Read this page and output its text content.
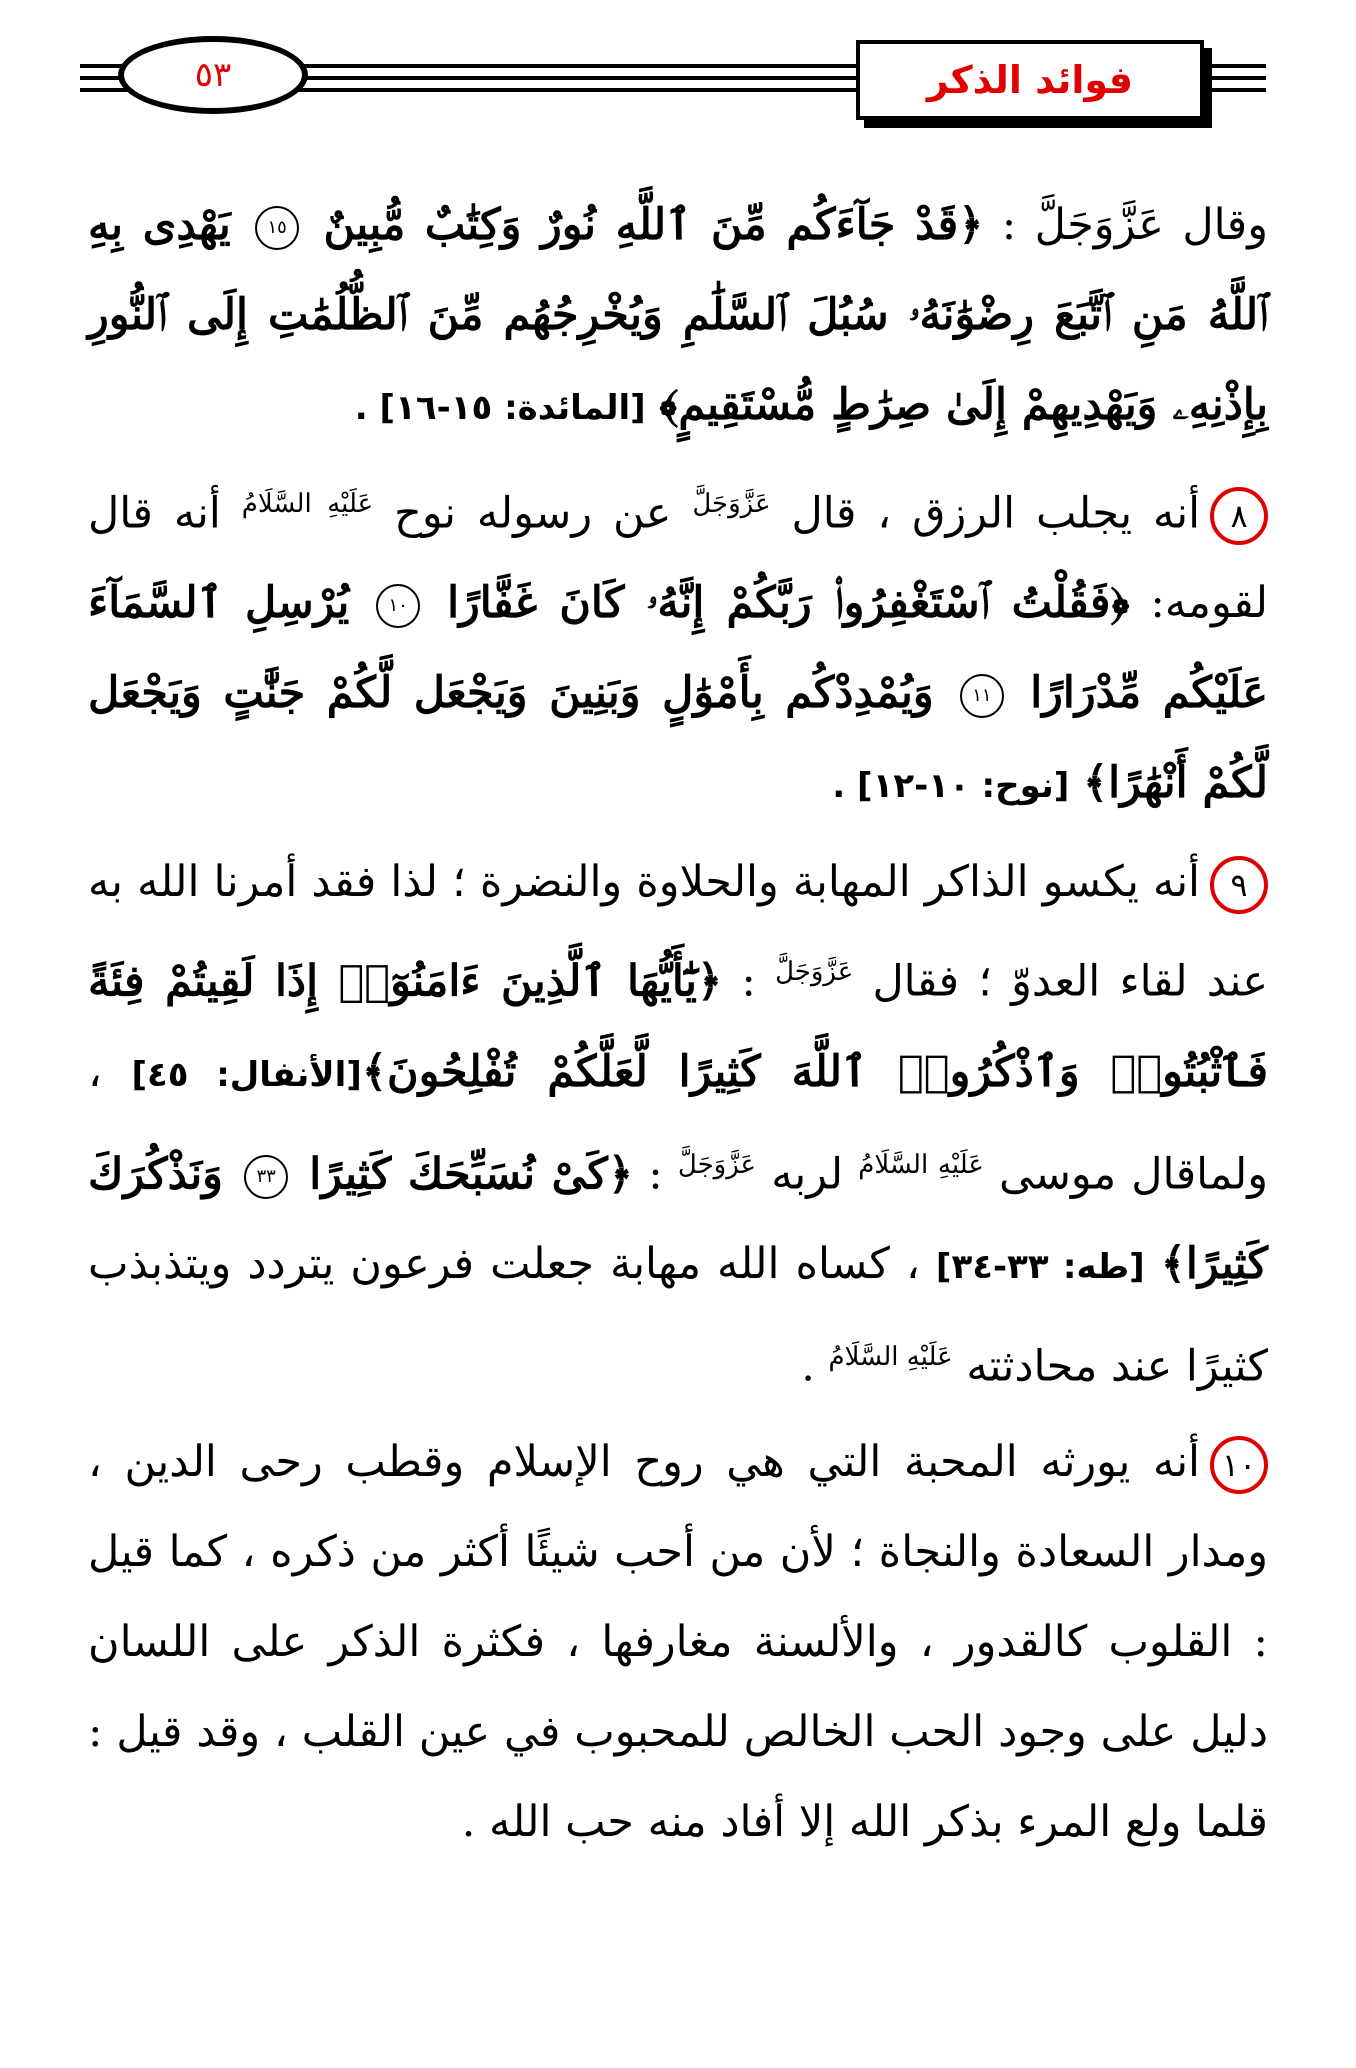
٥٣	فوائد الذكر

وقال عَزَّوَجَلَّ : ﴿قَدْ جَآءَكُم مِّنَ ٱللَّهِ نُورٌ وَكِتَٰبٌ مُّبِينٌ ١٥ يَهْدِى بِهِ ٱللَّهُ مَنِ ٱتَّبَعَ رِضْوَٰنَهُۥ سُبُلَ ٱلسَّلَٰمِ وَيُخْرِجُهُم مِّنَ ٱلظُّلُمَٰتِ إِلَى ٱلنُّورِ بِإِذْنِهِۦ وَيَهْدِيهِمْ إِلَىٰ صِرَٰطٍ مُّسْتَقِيمٍ﴾ [المائدة: ١٥-١٦] .

٨أنه يجلب الرزق ، قال $^{عَزَّوَجَلَّ}$ عن رسوله نوح $^{عَلَيْهِ السَّلَامُ}$ أنه قال لقومه: ﴿فَقُلْتُ ٱسْتَغْفِرُوا۟ رَبَّكُمْ إِنَّهُۥ كَانَ غَفَّارًا ١٠ يُرْسِلِ ٱلسَّمَآءَ عَلَيْكُم مِّدْرَارًا ١١ وَيُمْدِدْكُم بِأَمْوَٰلٍ وَبَنِينَ وَيَجْعَل لَّكُمْ جَنَّٰتٍ وَيَجْعَل لَّكُمْ أَنْهَٰرًا﴾ [نوح: ١٠-١٢] .

٩أنه يكسو الذاكر المهابة والحلاوة والنضرة ؛ لذا فقد أمرنا الله به عند لقاء العدوّ ؛ فقال $^{عَزَّوَجَلَّ}$ : ﴿يَٰٓأَيُّهَا ٱلَّذِينَ ءَامَنُوٓا۟ إِذَا لَقِيتُمْ فِئَةً فَٱثْبُتُوا۟ وَٱذْكُرُوا۟ ٱللَّهَ كَثِيرًا لَّعَلَّكُمْ تُفْلِحُونَ﴾[الأنفال: ٤٥] ، ولماقال موسى $^{عَلَيْهِ السَّلَامُ}$ لربه $^{عَزَّوَجَلَّ}$ : ﴿كَىْ نُسَبِّحَكَ كَثِيرًا ٣٣ وَنَذْكُرَكَ كَثِيرًا﴾ [طه: ٣٣-٣٤] ، كساه الله مهابة جعلت فرعون يتردد ويتذبذب كثيرًا عند محادثته $^{عَلَيْهِ السَّلَامُ}$ .

١٠أنه يورثه المحبة التي هي روح الإسلام وقطب رحى الدين ، ومدار السعادة والنجاة ؛ لأن من أحب شيئًا أكثر من ذكره ، كما قيل : القلوب كالقدور ، والألسنة مغارفها ، فكثرة الذكر على اللسان دليل على وجود الحب الخالص للمحبوب في عين القلب ، وقد قيل : قلما ولع المرء بذكر الله إلا أفاد منه حب الله .
